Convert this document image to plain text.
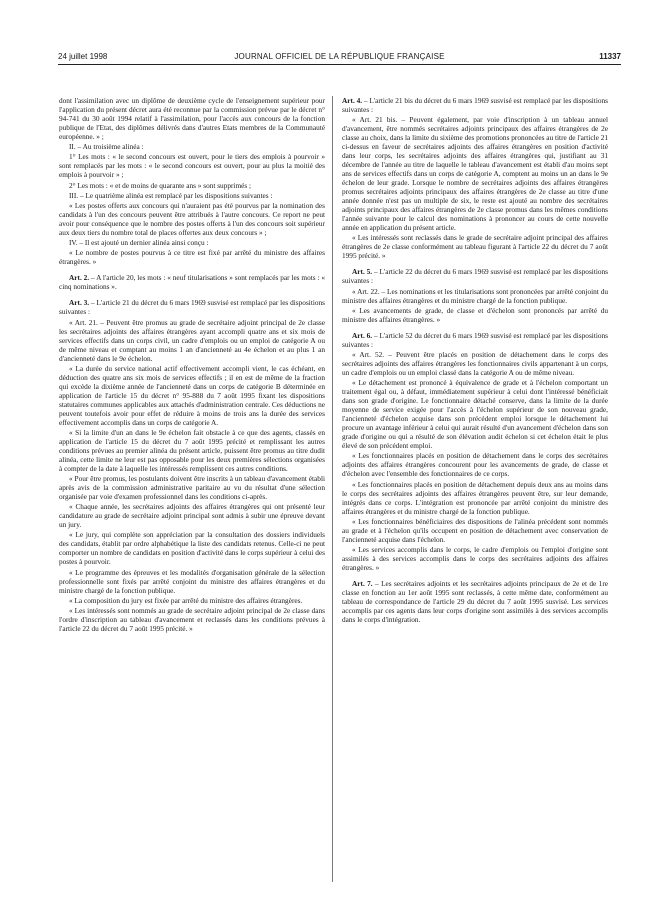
24 juillet 1998	JOURNAL OFFICIEL DE LA RÉPUBLIQUE FRANÇAISE	11337

dont l'assimilation avec un diplôme de deuxième cycle de l'enseignement supérieur pour l'application du présent décret aura été reconnue par la commission prévue par le décret n° 94-741 du 30 août 1994 relatif à l'assimilation, pour l'accès aux concours de la fonction publique de l'Etat, des diplômes délivrés dans d'autres Etats membres de la Communauté européenne. » ;

II. – Au troisième alinéa :

1° Les mots : « le second concours est ouvert, pour le tiers des emplois à pourvoir » sont remplacés par les mots : « le second concours est ouvert, pour au plus la moitié des emplois à pourvoir » ;

2° Les mots : « et de moins de quarante ans » sont supprimés ;

III. – Le quatrième alinéa est remplacé par les dispositions suivantes :

« Les postes offerts aux concours qui n'auraient pas été pourvus par la nomination des candidats à l'un des concours peuvent être attribués à l'autre concours. Ce report ne peut avoir pour conséquence que le nombre des postes offerts à l'un des concours soit supérieur aux deux tiers du nombre total de places offertes aux deux concours » ;

IV. – Il est ajouté un dernier alinéa ainsi conçu :

« Le nombre de postes pourvus à ce titre est fixé par arrêté du ministre des affaires étrangères. »

Art. 2. – A l'article 20, les mots : « neuf titularisations » sont remplacés par les mots : « cinq nominations ».

Art. 3. – L'article 21 du décret du 6 mars 1969 susvisé est remplacé par les dispositions suivantes :

« Art. 21. – Peuvent être promus au grade de secrétaire adjoint principal de 2e classe les secrétaires adjoints des affaires étrangères ayant accompli quatre ans et six mois de services effectifs dans un corps civil, un cadre d'emplois ou un emploi de catégorie A ou de même niveau et comptant au moins 1 an d'ancienneté au 4e échelon et au plus 1 an d'ancienneté dans le 9e échelon.

« La durée du service national actif effectivement accompli vient, le cas échéant, en déduction des quatre ans six mois de services effectifs ; il en est de même de la fraction qui excède la dixième année de l'ancienneté dans un corps de catégorie B déterminée en application de l'article 15 du décret n° 95-888 du 7 août 1995 fixant les dispositions statutaires communes applicables aux attachés d'administration centrale. Ces déductions ne peuvent toutefois avoir pour effet de réduire à moins de trois ans la durée des services effectivement accomplis dans un corps de catégorie A.

« Si la limite d'un an dans le 9e échelon fait obstacle à ce que des agents, classés en application de l'article 15 du décret du 7 août 1995 précité et remplissant les autres conditions prévues au premier alinéa du présent article, puissent être promus au titre dudit alinéa, cette limite ne leur est pas opposable pour les deux premières sélections organisées à compter de la date à laquelle les intéressés remplissent ces autres conditions.

« Pour être promus, les postulants doivent être inscrits à un tableau d'avancement établi après avis de la commission administrative paritaire au vu du résultat d'une sélection organisée par voie d'examen professionnel dans les conditions ci-après.

« Chaque année, les secrétaires adjoints des affaires étrangères qui ont présenté leur candidature au grade de secrétaire adjoint principal sont admis à subir une épreuve devant un jury.

« Le jury, qui complète son appréciation par la consultation des dossiers individuels des candidats, établit par ordre alphabétique la liste des candidats retenus. Celle-ci ne peut comporter un nombre de candidats en position d'activité dans le corps supérieur à celui des postes à pourvoir.

« Le programme des épreuves et les modalités d'organisation générale de la sélection professionnelle sont fixés par arrêté conjoint du ministre des affaires étrangères et du ministre chargé de la fonction publique.

« La composition du jury est fixée par arrêté du ministre des affaires étrangères.

« Les intéressés sont nommés au grade de secrétaire adjoint principal de 2e classe dans l'ordre d'inscription au tableau d'avancement et reclassés dans les conditions prévues à l'article 22 du décret du 7 août 1995 précité. »

Art. 4. – L'article 21 bis du décret du 6 mars 1969 susvisé est remplacé par les dispositions suivantes :

« Art. 21 bis. – Peuvent également, par voie d'inscription à un tableau annuel d'avancement, être nommés secrétaires adjoints principaux des affaires étrangères de 2e classe au choix, dans la limite du sixième des promotions prononcées au titre de l'article 21 ci-dessus en faveur de secrétaires adjoints des affaires étrangères en position d'activité dans leur corps, les secrétaires adjoints des affaires étrangères qui, justifiant au 31 décembre de l'année au titre de laquelle le tableau d'avancement est établi d'au moins sept ans de services effectifs dans un corps de catégorie A, comptent au moins un an dans le 9e échelon de leur grade. Lorsque le nombre de secrétaires adjoints des affaires étrangères promus secrétaires adjoints principaux des affaires étrangères de 2e classe au titre d'une année donnée n'est pas un multiple de six, le reste est ajouté au nombre des secrétaires adjoints principaux des affaires étrangères de 2e classe promus dans les mêmes conditions l'année suivante pour le calcul des nominations à prononcer au cours de cette nouvelle année en application du présent article.

« Les intéressés sont reclassés dans le grade de secrétaire adjoint principal des affaires étrangères de 2e classe conformément au tableau figurant à l'article 22 du décret du 7 août 1995 précité. »

Art. 5. – L'article 22 du décret du 6 mars 1969 susvisé est remplacé par les dispositions suivantes :

« Art. 22. – Les nominations et les titularisations sont prononcées par arrêté conjoint du ministre des affaires étrangères et du ministre chargé de la fonction publique.

« Les avancements de grade, de classe et d'échelon sont prononcés par arrêté du ministre des affaires étrangères. »

Art. 6. – L'article 52 du décret du 6 mars 1969 susvisé est remplacé par les dispositions suivantes :

« Art. 52. – Peuvent être placés en position de détachement dans le corps des secrétaires adjoints des affaires étrangères les fonctionnaires civils appartenant à un corps, un cadre d'emplois ou un emploi classé dans la catégorie A ou de même niveau.

« Le détachement est prononcé à équivalence de grade et à l'échelon comportant un traitement égal ou, à défaut, immédiatement supérieur à celui dont l'intéressé bénéficiait dans son grade d'origine. Le fonctionnaire détaché conserve, dans la limite de la durée moyenne de service exigée pour l'accès à l'échelon supérieur de son nouveau grade, l'ancienneté d'échelon acquise dans son précédent emploi lorsque le détachement lui procure un avantage inférieur à celui qui aurait résulté d'un avancement d'échelon dans son grade d'origine ou qui a résulté de son élévation audit échelon si cet échelon était le plus élevé de son précédent emploi.

« Les fonctionnaires placés en position de détachement dans le corps des secrétaires adjoints des affaires étrangères concourent pour les avancements de grade, de classe et d'échelon avec l'ensemble des fonctionnaires de ce corps.

« Les fonctionnaires placés en position de détachement depuis deux ans au moins dans le corps des secrétaires adjoints des affaires étrangères peuvent être, sur leur demande, intégrés dans ce corps. L'intégration est prononcée par arrêté conjoint du ministre des affaires étrangères et du ministre chargé de la fonction publique.

« Les fonctionnaires bénéficiaires des dispositions de l'alinéa précédent sont nommés au grade et à l'échelon qu'ils occupent en position de détachement avec conservation de l'ancienneté acquise dans l'échelon.

« Les services accomplis dans le corps, le cadre d'emplois ou l'emploi d'origine sont assimilés à des services accomplis dans le corps des secrétaires adjoints des affaires étrangères. »

Art. 7. – Les secrétaires adjoints et les secrétaires adjoints principaux de 2e et de 1re classe en fonction au 1er août 1995 sont reclassés, à cette même date, conformément au tableau de correspondance de l'article 29 du décret du 7 août 1995 susvisé. Les services accomplis par ces agents dans leur corps d'origine sont assimilés à des services accomplis dans le corps d'intégration.
